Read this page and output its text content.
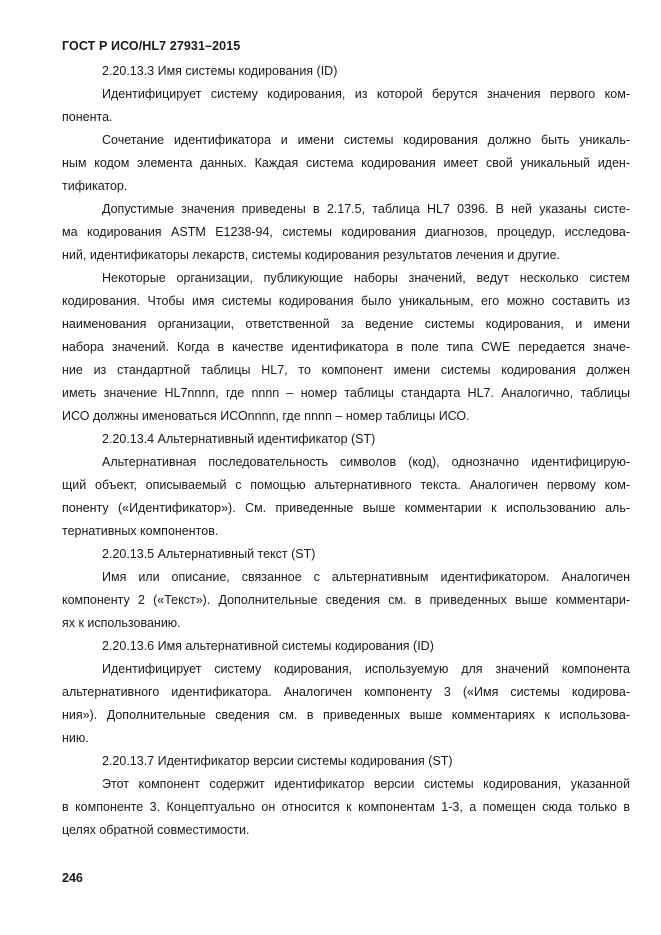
ГОСТ Р ИСО/HL7 27931–2015
2.20.13.3 Имя системы кодирования (ID)
Идентифицирует систему кодирования, из которой берутся значения первого ком-
понента.
Сочетание идентификатора и имени системы кодирования должно быть уникаль-
ным кодом элемента данных. Каждая система кодирования имеет свой уникальный иден-
тификатор.
Допустимые значения приведены в 2.17.5, таблица HL7 0396. В ней указаны систе-
ма кодирования ASTM E1238-94, системы кодирования диагнозов, процедур, исследова-
ний, идентификаторы лекарств, системы кодирования результатов лечения и другие.
Некоторые организации, публикующие наборы значений, ведут несколько систем
кодирования. Чтобы имя системы кодирования было уникальным, его можно составить из
наименования организации, ответственной за ведение системы кодирования, и имени
набора значений. Когда в качестве идентификатора в поле типа CWE передается значе-
ние из стандартной таблицы HL7, то компонент имени системы кодирования должен
иметь значение HL7nnnn, где nnnn – номер таблицы стандарта HL7. Аналогично, таблицы
ИСО должны именоваться ИСОnnnn, где nnnn – номер таблицы ИСО.
2.20.13.4 Альтернативный идентификатор (ST)
Альтернативная последовательность символов (код), однозначно идентифицирую-
щий объект, описываемый с помощью альтернативного текста. Аналогичен первому ком-
поненту («Идентификатор»). См. приведенные выше комментарии к использованию аль-
тернативных компонентов.
2.20.13.5 Альтернативный текст (ST)
Имя или описание, связанное с альтернативным идентификатором. Аналогичен
компоненту 2 («Текст»). Дополнительные сведения см. в приведенных выше комментари-
ях к использованию.
2.20.13.6 Имя альтернативной системы кодирования (ID)
Идентифицирует систему кодирования, используемую для значений компонента
альтернативного идентификатора. Аналогичен компоненту 3 («Имя системы кодирова-
ния»). Дополнительные сведения см. в приведенных выше комментариях к использова-
нию.
2.20.13.7 Идентификатор версии системы кодирования (ST)
Этот компонент содержит идентификатор версии системы кодирования, указанной
в компоненте 3. Концептуально он относится к компонентам 1-3, а помещен сюда только в
целях обратной совместимости.
246
